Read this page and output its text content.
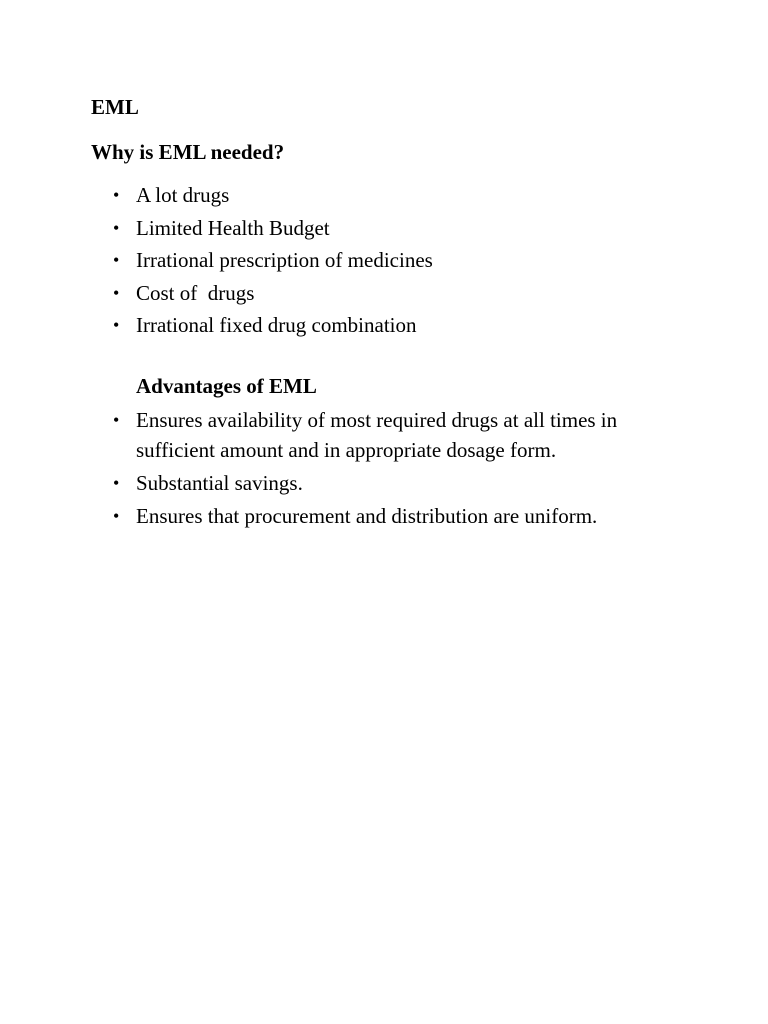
EML
Why is EML needed?
• A lot drugs
• Limited Health Budget
• Irrational prescription of medicines
• Cost of  drugs
• Irrational fixed drug combination
Advantages of EML
• Ensures availability of most required drugs at all times in sufficient amount and in appropriate dosage form.
• Substantial savings.
• Ensures that procurement and distribution are uniform.
